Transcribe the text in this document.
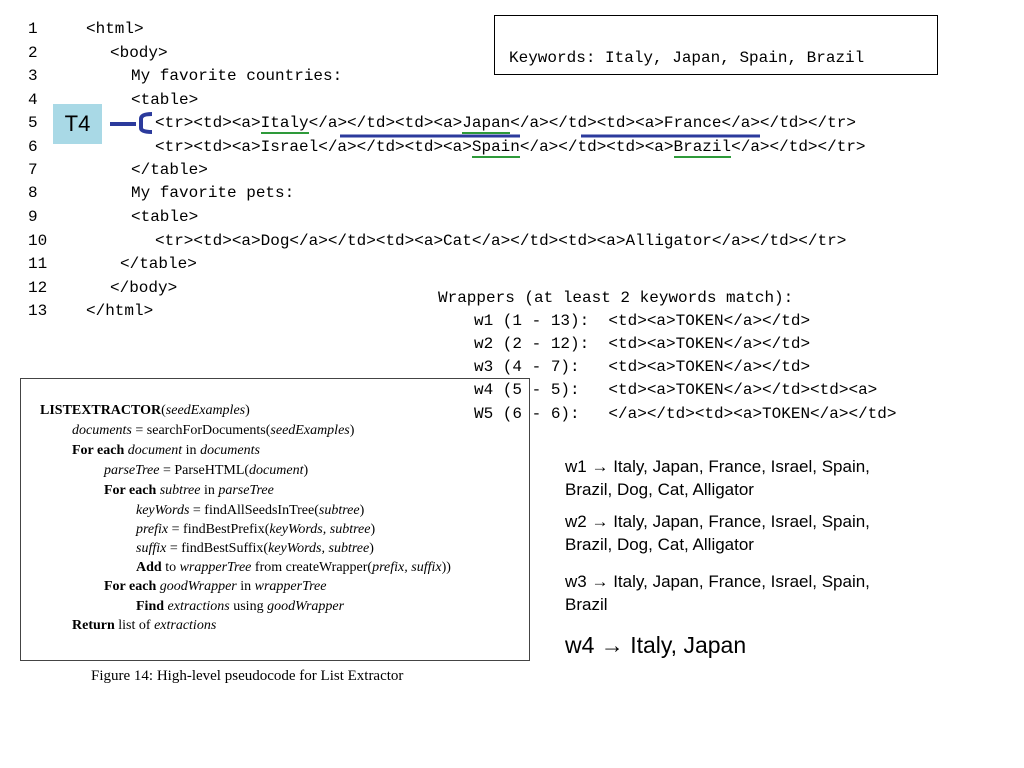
1	<html>
2	<body>
3	My favorite countries:
4	<table>
5	<tr><td><a>Italy</a></td><td><a>Japan</a></td><td><a>France</a></td></tr>
6	<tr><td><a>Israel</a></td><td><a>Spain</a></td><td><a>Brazil</a></td></tr>
7	</table>
8	My favorite pets:
9	<table>
10	<tr><td><a>Dog</a></td><td><a>Cat</a></td><td><a>Alligator</a></td></tr>
11	</table>
12	</body>
13 </html>
Keywords: Italy, Japan, Spain, Brazil
T4
Wrappers (at least 2 keywords match):
w1 (1 - 13):  <td><a>TOKEN</a></td>
w2 (2 - 12):  <td><a>TOKEN</a></td>
w3 (4 - 7):   <td><a>TOKEN</a></td>
w4 (5 - 5):   <td><a>TOKEN</a></td><td><a>
W5 (6 - 6):   </a></td><td><a>TOKEN</a></td>
LISTEXTRACTOR(seedExamples)
documents = searchForDocuments(seedExamples)
For each document in documents
parseTree = ParseHTML(document)
For each subtree in parseTree
keyWords = findAllSeedsInTree(subtree)
prefix = findBestPrefix(keyWords, subtree)
suffix = findBestSuffix(keyWords, subtree)
Add to wrapperTree from createWrapper(prefix, suffix))
For each goodWrapper in wrapperTree
Find extractions using goodWrapper
Return list of extractions
Figure 14: High-level pseudocode for List Extractor
w1 → Italy, Japan, France, Israel, Spain,
Brazil, Dog, Cat, Alligator
w2 → Italy, Japan, France, Israel, Spain,
Brazil, Dog, Cat, Alligator
w3 → Italy, Japan, France, Israel, Spain,
Brazil
w4 → Italy, Japan
